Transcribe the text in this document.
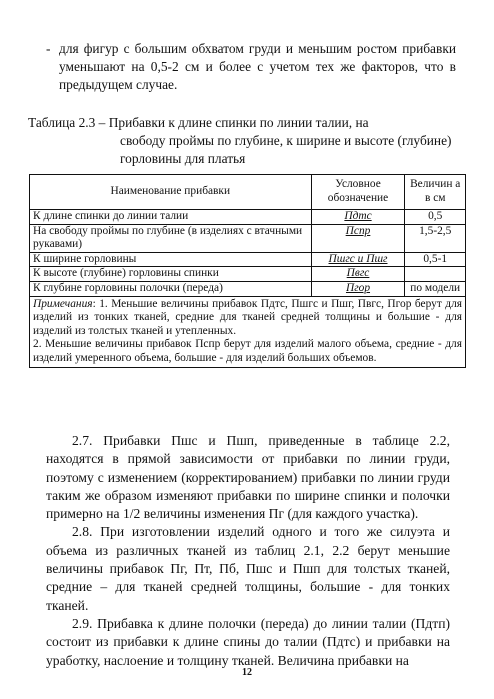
- для фигур с большим обхватом груди и меньшим ростом прибавки уменьшают на 0,5-2 см и более с учетом тех же факторов, что в предыдущем случае.
Таблица 2.3 – Прибавки к длине спинки по линии талии, на
свободу проймы по глубине, к ширине и высоте (глубине) горловины для платья
Наименование прибавки	Условное обозначение	Величин а в см
К длине спинки до линии талии	Пдтс	0,5
На свободу проймы по глубине (в изделиях с втачными рукавами)	Пспр	1,5-2,5
К ширине горловины	Пшгс и Пшг	0,5-1
К высоте (глубине) горловины спинки	Пвгс	
К глубине горловины полочки (переда)	Пгор	по модели

Примечания: 1. Меньшие величины прибавок Пдтс, Пшгс и Пшг, Пвгс, Пгор берут для изделий из тонких тканей, средние для тканей средней толщины и большие - для изделий из толстых тканей и утепленных.

2. Меньшие величины прибавок Пспр берут для изделий малого объема, средние - для изделий умеренного объема, большие - для изделий больших объемов.		

2.7. Прибавки Пшс и Пшп, приведенные в таблице 2.2, находятся в прямой зависимости от прибавки по линии груди, поэтому с изменением (корректированием) прибавки по линии груди таким же образом изменяют прибавки по ширине спинки и полочки примерно на 1/2 величины изменения Пг (для каждого участка).

2.8. При изготовлении изделий одного и того же силуэта и объема из различных тканей из таблиц 2.1, 2.2 берут меньшие величины прибавок Пг, Пт, Пб, Пшс и Пшп для толстых тканей, средние – для тканей средней толщины, большие - для тонких тканей.

2.9. Прибавка к длине полочки (переда) до линии талии (Пдтп) состоит из прибавки к длине спины до талии (Пдтс) и прибавки на уработку, наслоение и толщину тканей. Величина прибавки на

12
